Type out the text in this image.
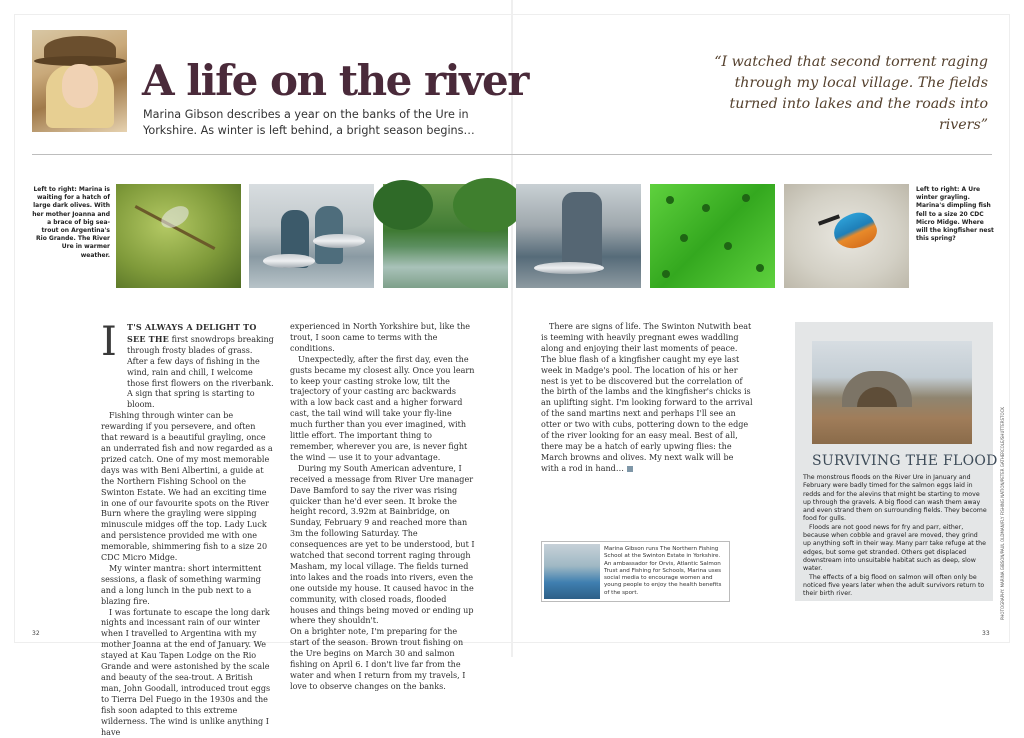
A life on the river
Marina Gibson describes a year on the banks of the Ure in Yorkshire. As winter is left behind, a bright season begins…
“I watched that second torrent raging through my local village. The fields turned into lakes and the roads into rivers”
Left to right: Marina is waiting for a hatch of large dark olives. With her mother Joanna and a brace of big sea-trout on Argentina's Rio Grande. The River Ure in warmer weather.
Left to right: A Ure winter grayling. Marina's dimpling fish fell to a size 20 CDC Micro Midge. Where will the kingfisher nest this spring?
I	T'S ALWAYS A DELIGHT TO SEE THE first snowdrops breaking through frosty blades of grass. After a few days of fishing in the wind, rain and chill, I welcome those first flowers on the riverbank. A sign that spring is starting to bloom.

Fishing through winter can be rewarding if you persevere, and often that reward is a beautiful grayling, once an underrated fish and now regarded as a prized catch. One of my most memorable days was with Beni Albertini, a guide at the Northern Fishing School on the Swinton Estate. We had an exciting time in one of our favourite spots on the River Burn where the grayling were sipping minuscule midges off the top. Lady Luck and persistence provided me with one memorable, shimmering fish to a size 20 CDC Micro Midge.

My winter mantra: short intermittent sessions, a flask of something warming and a long lunch in the pub next to a blazing fire.

I was fortunate to escape the long dark nights and incessant rain of our winter when I travelled to Argentina with my mother Joanna at the end of January. We stayed at Kau Tapen Lodge on the Rio Grande and were astonished by the scale and beauty of the sea-trout. A British man, John Goodall, introduced trout eggs to Tierra Del Fuego in the 1930s and the fish soon adapted to this extreme wilderness. The wind is unlike anything I have

experienced in North Yorkshire but, like the trout, I soon came to terms with the conditions.

Unexpectedly, after the first day, even the gusts became my closest ally. Once you learn to keep your casting stroke low, tilt the trajectory of your casting arc backwards with a low back cast and a higher forward cast, the tail wind will take your fly-line much further than you ever imagined, with little effort. The important thing to remember, wherever you are, is never fight the wind — use it to your advantage.

During my South American adventure, I received a message from River Ure manager Dave Bamford to say the river was rising quicker than he'd ever seen. It broke the height record, 3.92m at Bainbridge, on Sunday, February 9 and reached more than 3m the following Saturday. The consequences are yet to be understood, but I watched that second torrent raging through Masham, my local village. The fields turned into lakes and the roads into rivers, even the one outside my house. It caused havoc in the community, with closed roads, flooded houses and things being moved or ending up where they shouldn't.

On a brighter note, I'm preparing for the start of the season. Brown trout fishing on the Ure begins on March 30 and salmon fishing on April 6. I don't live far from the water and when I return from my travels, I love to observe changes on the banks.

There are signs of life. The Swinton Nutwith beat is teeming with heavily pregnant ewes waddling along and enjoying their last moments of peace. The blue flash of a kingfisher caught my eye last week in Madge's pool. The location of his or her nest is yet to be discovered but the correlation of the birth of the lambs and the kingfisher's chicks is an uplifting sight. I'm looking forward to the arrival of the sand martins next and perhaps I'll see an otter or two with cubs, pottering down to the edge of the river looking for an easy meal. Best of all, there may be a hatch of early upwing flies: the March browns and olives. My next walk will be with a rod in hand…

Marina Gibson runs The Northern Fishing School at the Swinton Estate in Yorkshire. An ambassador for Orvis, Atlantic Salmon Trust and Fishing for Schools, Marina uses social media to encourage women and young people to enjoy the health benefits of the sport.
SURVIVING THE FLOOD

The monstrous floods on the River Ure in January and February were badly timed for the salmon eggs laid in redds and for the alevins that might be starting to move up through the gravels. A big flood can wash them away and even strand them on surrounding fields. They become food for gulls.

Floods are not good news for fry and parr, either, because when cobble and gravel are moved, they grind up anything soft in their way. Many parr take refuge at the edges, but some get stranded. Others get displaced downstream into unsuitable habitat such as deep, slow water.

The effects of a big flood on salmon will often only be noticed five years later when the adult survivors return to their birth river.	PHOTOGRAPHY: MARINA GIBSON/PAUL OLDMAN/FLY FISHING NATION/PETER GATHERCOLE/SHUTTERSTOCK
32	33
